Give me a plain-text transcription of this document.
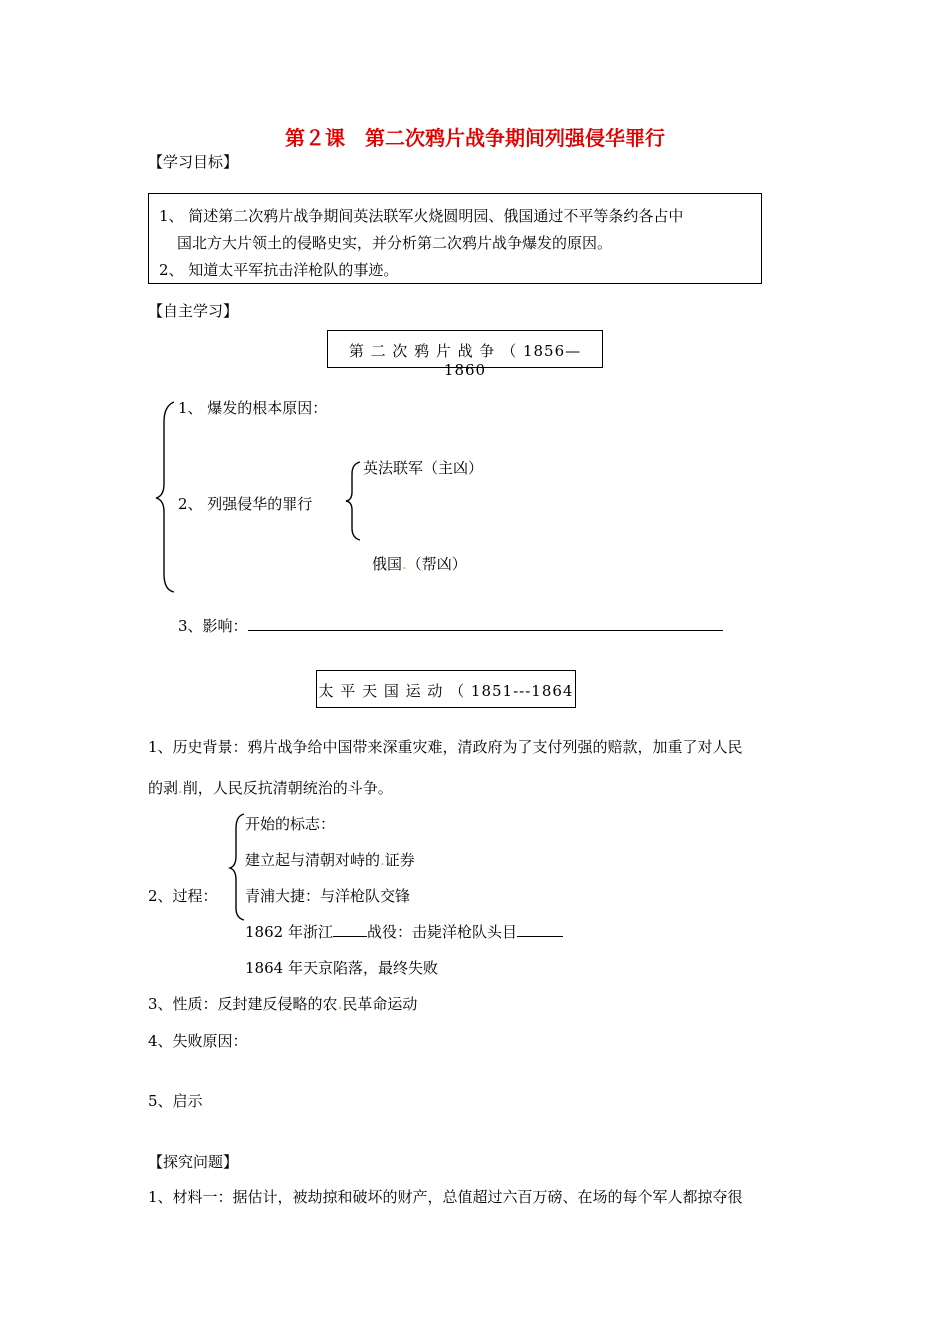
第２课　第二次鸦片战争期间列强侵华罪行
【学习目标】
1、 简述第二次鸦片战争期间英法联军火烧圆明园、俄国通过不平等条约各占中
国北方大片领土的侵略史实，并分析第二次鸦片战争爆发的原因。
2、 知道太平军抗击洋枪队的事迹。
【自主学习】
第 二 次 鸦 片 战 争 （ 1856—1860
1、 爆发的根本原因：
2、 列强侵华的罪行
英法联军（主凶）
俄国.（帮凶）
3、影响：
太 平 天 国 运 动 （ 1851---1864
1、历史背景：鸦片战争给中国带来深重灾难，清政府为了支付列强的赔款，加重了对人民
的剥.削，人民反抗清朝统治的斗争。
2、过程：
开始的标志：
建立起与清朝对峙的.证券
青浦大捷：与洋枪队交锋
1862 年浙江 战役：击毙洋枪队头目
1864 年天京陷落，最终失败
3、性质：反封建反侵略的农.民革命运动
4、失败原因：
5、启示
【探究问题】
1、材料一：据估计，被劫掠和破坏的财产，总值超过六百万磅、在场的每个军人都掠夺很
